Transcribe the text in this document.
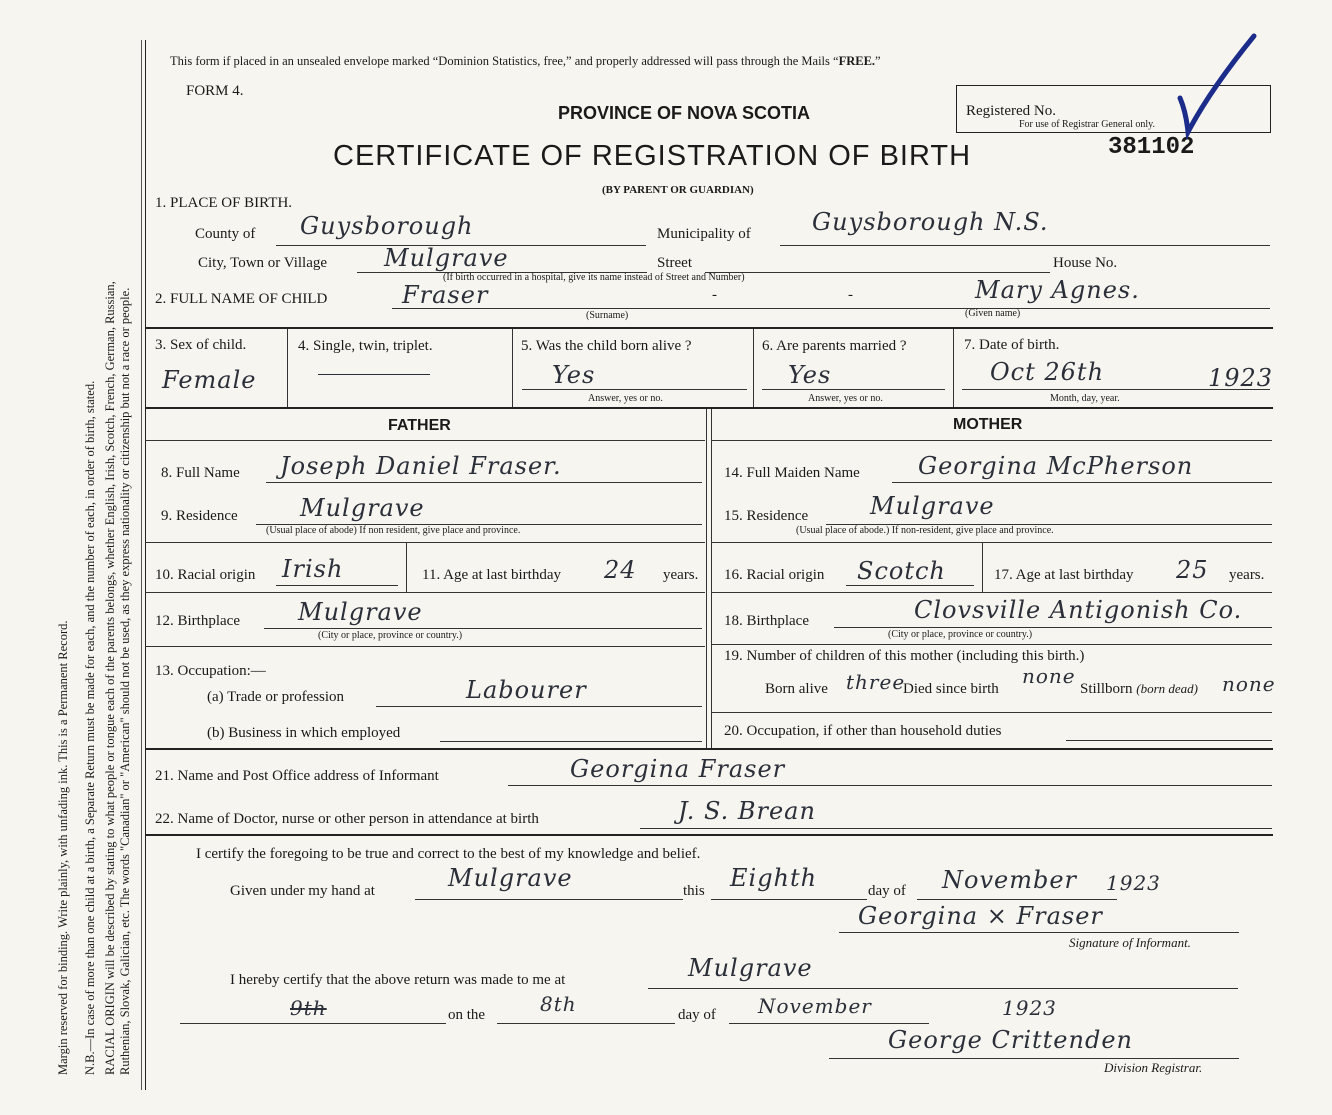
Margin reserved for binding. Write plainly, with unfading ink. This is a Permanent Record. N.B.—In case of more than one child at a birth, a Separate Return must be made for each, and the number of each, in order of birth, stated. RACIAL ORIGIN will be described by stating to what people or tongue each of the parents belongs, whether English, Irish, Scotch, French, German, Russian, Ruthenian, Slovak, Galician, etc. The words "Canadian" or "American" should not be used, as they express nationality or citizenship but not a race or people.
This form if placed in an unsealed envelope marked “Dominion Statistics, free,” and properly addressed will pass through the Mails “FREE.”
FORM 4.
PROVINCE OF NOVA SCOTIA
CERTIFICATE OF REGISTRATION OF BIRTH
(BY PARENT OR GUARDIAN)
Registered No.
For use of Registrar General only.
381102
1. PLACE OF BIRTH.
County of Guysborough	Municipality of	Guysborough N.S.
City, Town or Village Mulgrave	Street	House No.
(If birth occurred in a hospital, give its name instead of Street and Number)
2. FULL NAME OF CHILD	Fraser	-	-	Mary Agnes.
(Surname)	(Given name)
3. Sex of child.
Female
4. Single, twin, triplet.	5. Was the child born alive ?
Yes
Answer, yes or no.
6. Are parents married ?
Yes
Answer, yes or no.
7. Date of birth.
Oct 26th	1923
Month, day, year.
FATHER	MOTHER
8. Full Name Joseph Daniel Fraser.
9. Residence	Mulgrave
(Usual place of abode) If non resident, give place and province.
10. Racial origin Irish	11. Age at last birthday 24 years.
12. Birthplace Mulgrave
(City or place, province or country.)
13. Occupation:—
(a) Trade or profession	Labourer
(b) Business in which employed
14. Full Maiden Name Georgina McPherson
15. Residence	Mulgrave
(Usual place of abode.) If non-resident, give place and province.
16. Racial origin Scotch	17. Age at last birthday 25 years.
18. Birthplace	Clovsville Antigonish Co.
(City or place, province or country.)
19. Number of children of this mother (including this birth.)
Born alive three
Died since birth
none
Stillborn (born dead) none
20. Occupation, if other than household duties
21. Name and Post Office address of Informant	Georgina Fraser
22. Name of Doctor, nurse or other person in attendance at birth	J. S. Brean
I certify the foregoing to be true and correct to the best of my knowledge and belief.
Given under my hand at	Mulgrave	this Eighth	day of November 1923
Georgina × Fraser
Signature of Informant.
I hereby certify that the above return was made to me at	Mulgrave
9th	on the	8th	day of November	1923
George Crittenden
Division Registrar.
